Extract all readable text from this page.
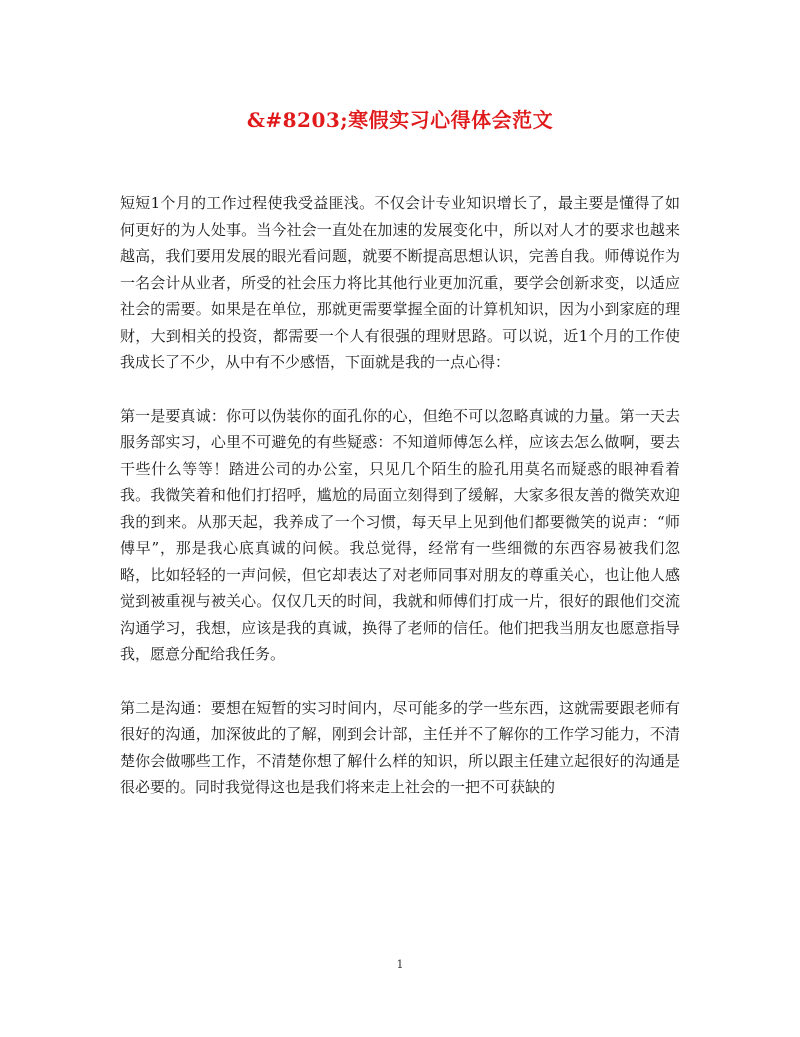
&#8203;寒假实习心得体会范文

短短1个月的工作过程使我受益匪浅。不仅会计专业知识增长了，最主要是懂得了如何更好的为人处事。当今社会一直处在加速的发展变化中，所以对人才的要求也越来越高，我们要用发展的眼光看问题，就要不断提高思想认识，完善自我。师傅说作为一名会计从业者，所受的社会压力将比其他行业更加沉重，要学会创新求变，以适应社会的需要。如果是在单位，那就更需要掌握全面的计算机知识，因为小到家庭的理财，大到相关的投资，都需要一个人有很强的理财思路。可以说，近1个月的工作使我成长了不少，从中有不少感悟，下面就是我的一点心得：

第一是要真诚：你可以伪装你的面孔你的心，但绝不可以忽略真诚的力量。第一天去服务部实习，心里不可避免的有些疑惑：不知道师傅怎么样，应该去怎么做啊，要去干些什么等等！踏进公司的办公室，只见几个陌生的脸孔用莫名而疑惑的眼神看着我。我微笑着和他们打招呼，尴尬的局面立刻得到了缓解，大家多很友善的微笑欢迎我的到来。从那天起，我养成了一个习惯，每天早上见到他们都要微笑的说声：“师傅早”，那是我心底真诚的问候。我总觉得，经常有一些细微的东西容易被我们忽略，比如轻轻的一声问候，但它却表达了对老师同事对朋友的尊重关心，也让他人感觉到被重视与被关心。仅仅几天的时间，我就和师傅们打成一片，很好的跟他们交流沟通学习，我想，应该是我的真诚，换得了老师的信任。他们把我当朋友也愿意指导我，愿意分配给我任务。

第二是沟通：要想在短暂的实习时间内，尽可能多的学一些东西，这就需要跟老师有很好的沟通，加深彼此的了解，刚到会计部，主任并不了解你的工作学习能力，不清楚你会做哪些工作，不清楚你想了解什么样的知识，所以跟主任建立起很好的沟通是很必要的。同时我觉得这也是我们将来走上社会的一把不可获缺的

1
